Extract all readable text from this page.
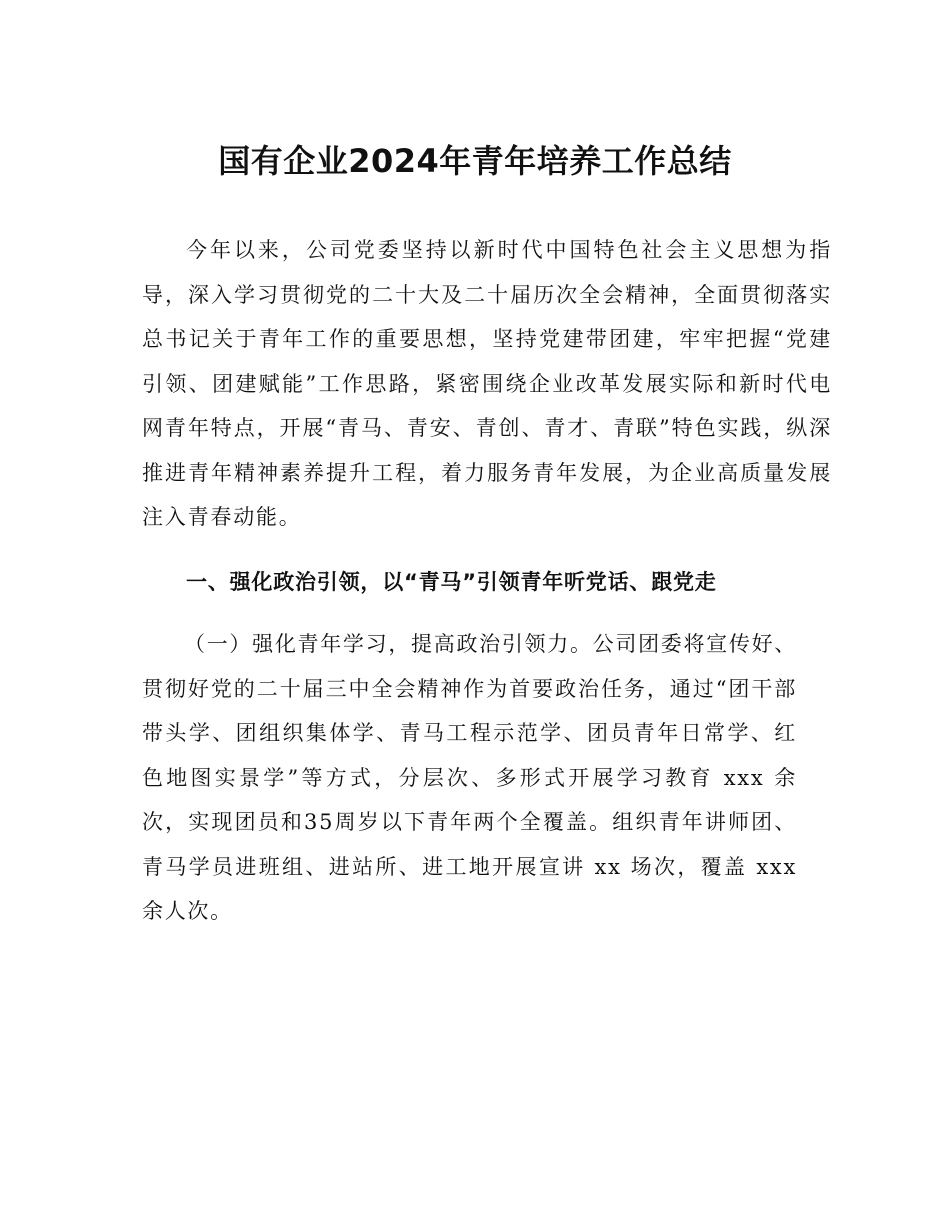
国有企业2024年青年培养工作总结

今年以来，公司党委坚持以新时代中国特色社会主义思想为指导，深入学习贯彻党的二十大及二十届历次全会精神，全面贯彻落实总书记关于青年工作的重要思想，坚持党建带团建，牢牢把握“党建引领、团建赋能”工作思路，紧密围绕企业改革发展实际和新时代电网青年特点，开展“青马、青安、青创、青才、青联”特色实践，纵深推进青年精神素养提升工程，着力服务青年发展，为企业高质量发展注入青春动能。

一、强化政治引领，以“青马”引领青年听党话、跟党走

（一）强化青年学习，提高政治引领力。公司团委将宣传好、贯彻好党的二十届三中全会精神作为首要政治任务，通过“团干部带头学、团组织集体学、青马工程示范学、团员青年日常学、红色地图实景学”等方式，分层次、多形式开展学习教育 xxx 余次，实现团员和35周岁以下青年两个全覆盖。组织青年讲师团、青马学员进班组、进站所、进工地开展宣讲 xx 场次，覆盖 xxx 余人次。
